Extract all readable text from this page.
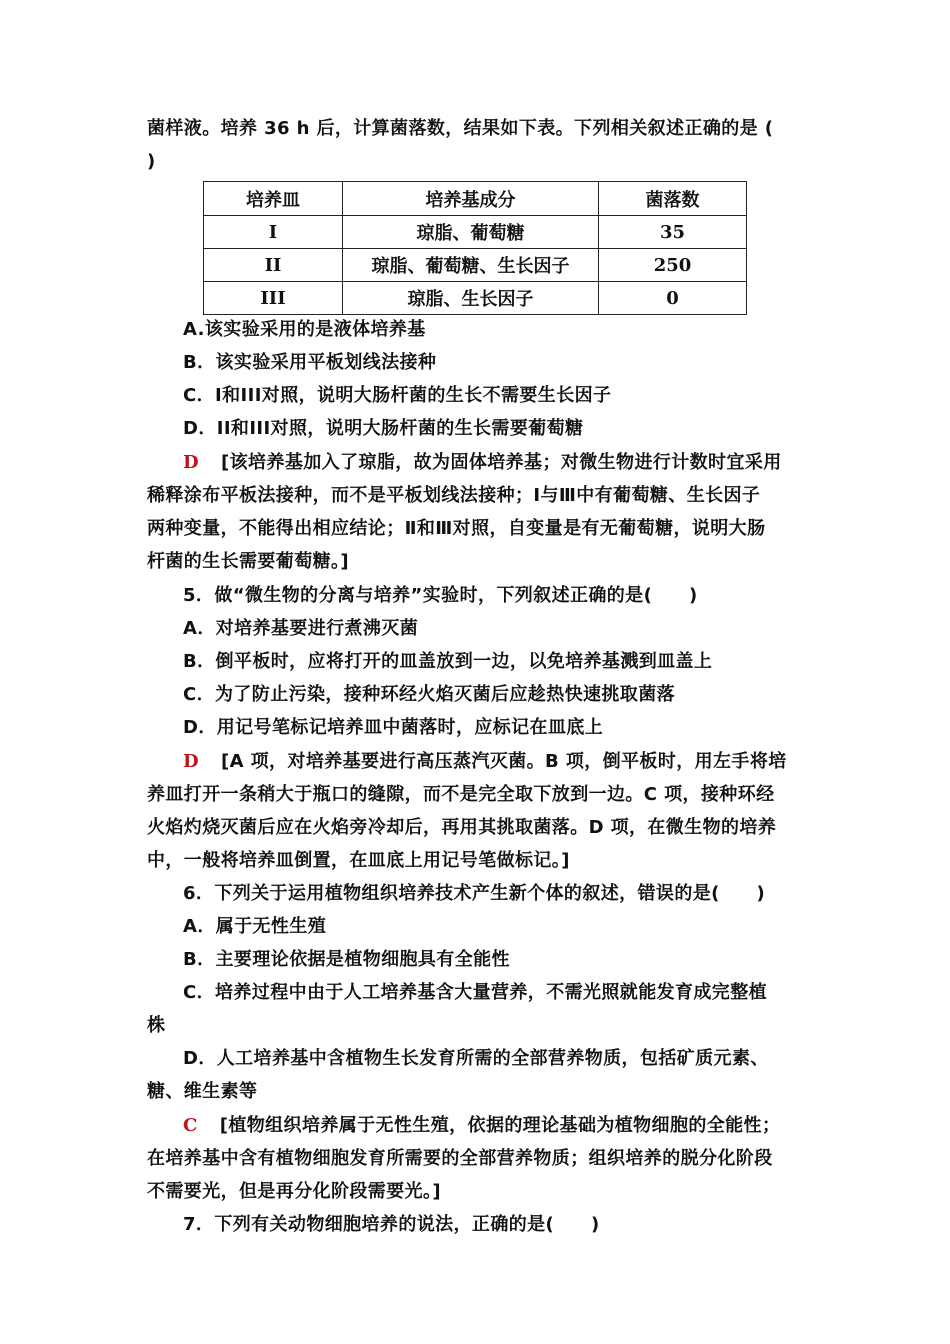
菌样液。培养 36 h 后，计算菌落数，结果如下表。下列相关叙述正确的是 (
)
培养皿	培养基成分	菌落数
I	琼脂、葡萄糖	35
II	琼脂、葡萄糖、生长因子	250
III	琼脂、生长因子	0
A.该实验采用的是液体培养基
B．该实验采用平板划线法接种
C．I和III对照，说明大肠杆菌的生长不需要生长因子
D．II和III对照，说明大肠杆菌的生长需要葡萄糖
D [该培养基加入了琼脂，故为固体培养基；对微生物进行计数时宜采用
稀释涂布平板法接种，而不是平板划线法接种；Ⅰ与Ⅲ中有葡萄糖、生长因子
两种变量，不能得出相应结论；Ⅱ和Ⅲ对照，自变量是有无葡萄糖，说明大肠
杆菌的生长需要葡萄糖。]
5．做“微生物的分离与培养”实验时，下列叙述正确的是(　　)
A．对培养基要进行煮沸灭菌
B．倒平板时，应将打开的皿盖放到一边，以免培养基溅到皿盖上
C．为了防止污染，接种环经火焰灭菌后应趁热快速挑取菌落
D．用记号笔标记培养皿中菌落时，应标记在皿底上
D [A 项，对培养基要进行高压蒸汽灭菌。B 项，倒平板时，用左手将培
养皿打开一条稍大于瓶口的缝隙，而不是完全取下放到一边。C 项，接种环经
火焰灼烧灭菌后应在火焰旁冷却后，再用其挑取菌落。D 项，在微生物的培养
中，一般将培养皿倒置，在皿底上用记号笔做标记。]
6．下列关于运用植物组织培养技术产生新个体的叙述，错误的是(　　)
A．属于无性生殖
B．主要理论依据是植物细胞具有全能性
C．培养过程中由于人工培养基含大量营养，不需光照就能发育成完整植
株
D．人工培养基中含植物生长发育所需的全部营养物质，包括矿质元素、
糖、维生素等
C [植物组织培养属于无性生殖，依据的理论基础为植物细胞的全能性；
在培养基中含有植物细胞发育所需要的全部营养物质；组织培养的脱分化阶段
不需要光，但是再分化阶段需要光。]
7．下列有关动物细胞培养的说法，正确的是(　　)
